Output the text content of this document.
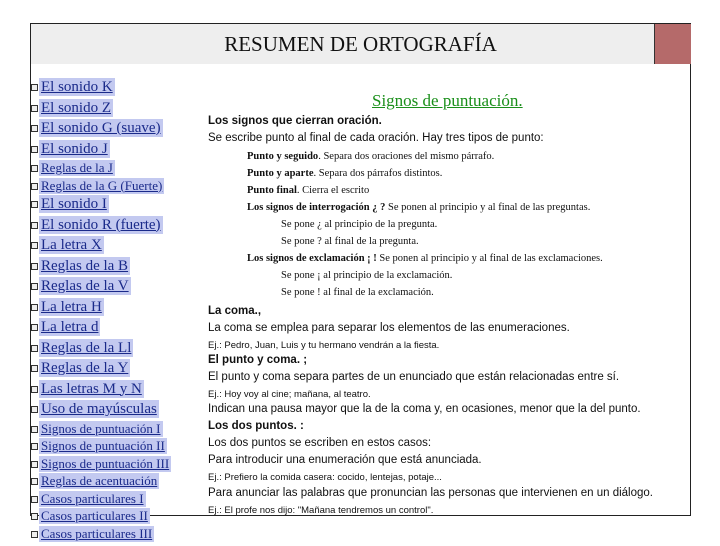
RESUMEN DE ORTOGRAFÍA
El sonido K
El sonido Z
El sonido G (suave)
El sonido J
Reglas de la J
Reglas de la G (Fuerte)
El sonido I
El sonido R (fuerte)
La letra X
Reglas de la B
Reglas de la V
La letra H
La letra d
Reglas de la Ll
Reglas de la Y
Las letras M y N
Uso de mayúsculas
Signos de puntuación I
Signos de puntuación II
Signos de puntuación III
Reglas de acentuación
Casos particulares I
Casos particulares II
Casos particulares III
Signos de puntuación.
Los signos que cierran oración.
Se escribe punto al final de cada oración. Hay tres tipos de punto:
Punto y seguido. Separa dos oraciones del mismo párrafo.
Punto y aparte. Separa dos párrafos distintos.
Punto final. Cierra el escrito
Los signos de interrogación ¿ ? Se ponen al principio y al final de las preguntas.
Se pone ¿ al principio de la pregunta.
Se pone ? al final de la pregunta.
Los signos de exclamación ¡ ! Se ponen al principio y al final de las exclamaciones.
Se pone ¡ al principio de la exclamación.
Se pone ! al final de la exclamación.
La coma.,
La coma se emplea para separar los elementos de las enumeraciones.
Ej.: Pedro, Juan, Luis y tu hermano vendrán a la fiesta.
El punto y coma. ;
El punto y coma separa partes de un enunciado que están relacionadas entre sí.
Ej.: Hoy voy al cine; mañana, al teatro.
Indican una pausa mayor que la de la coma y, en ocasiones, menor que la del punto.
Los dos puntos. :
Los dos puntos se escriben en estos casos:
Para introducir una enumeración que está anunciada.
Ej.: Prefiero la comida casera: cocido, lentejas, potaje...
Para anunciar las palabras que pronuncian las personas que intervienen en un diálogo.
Ej.: El profe nos dijo: "Mañana tendremos un control".
